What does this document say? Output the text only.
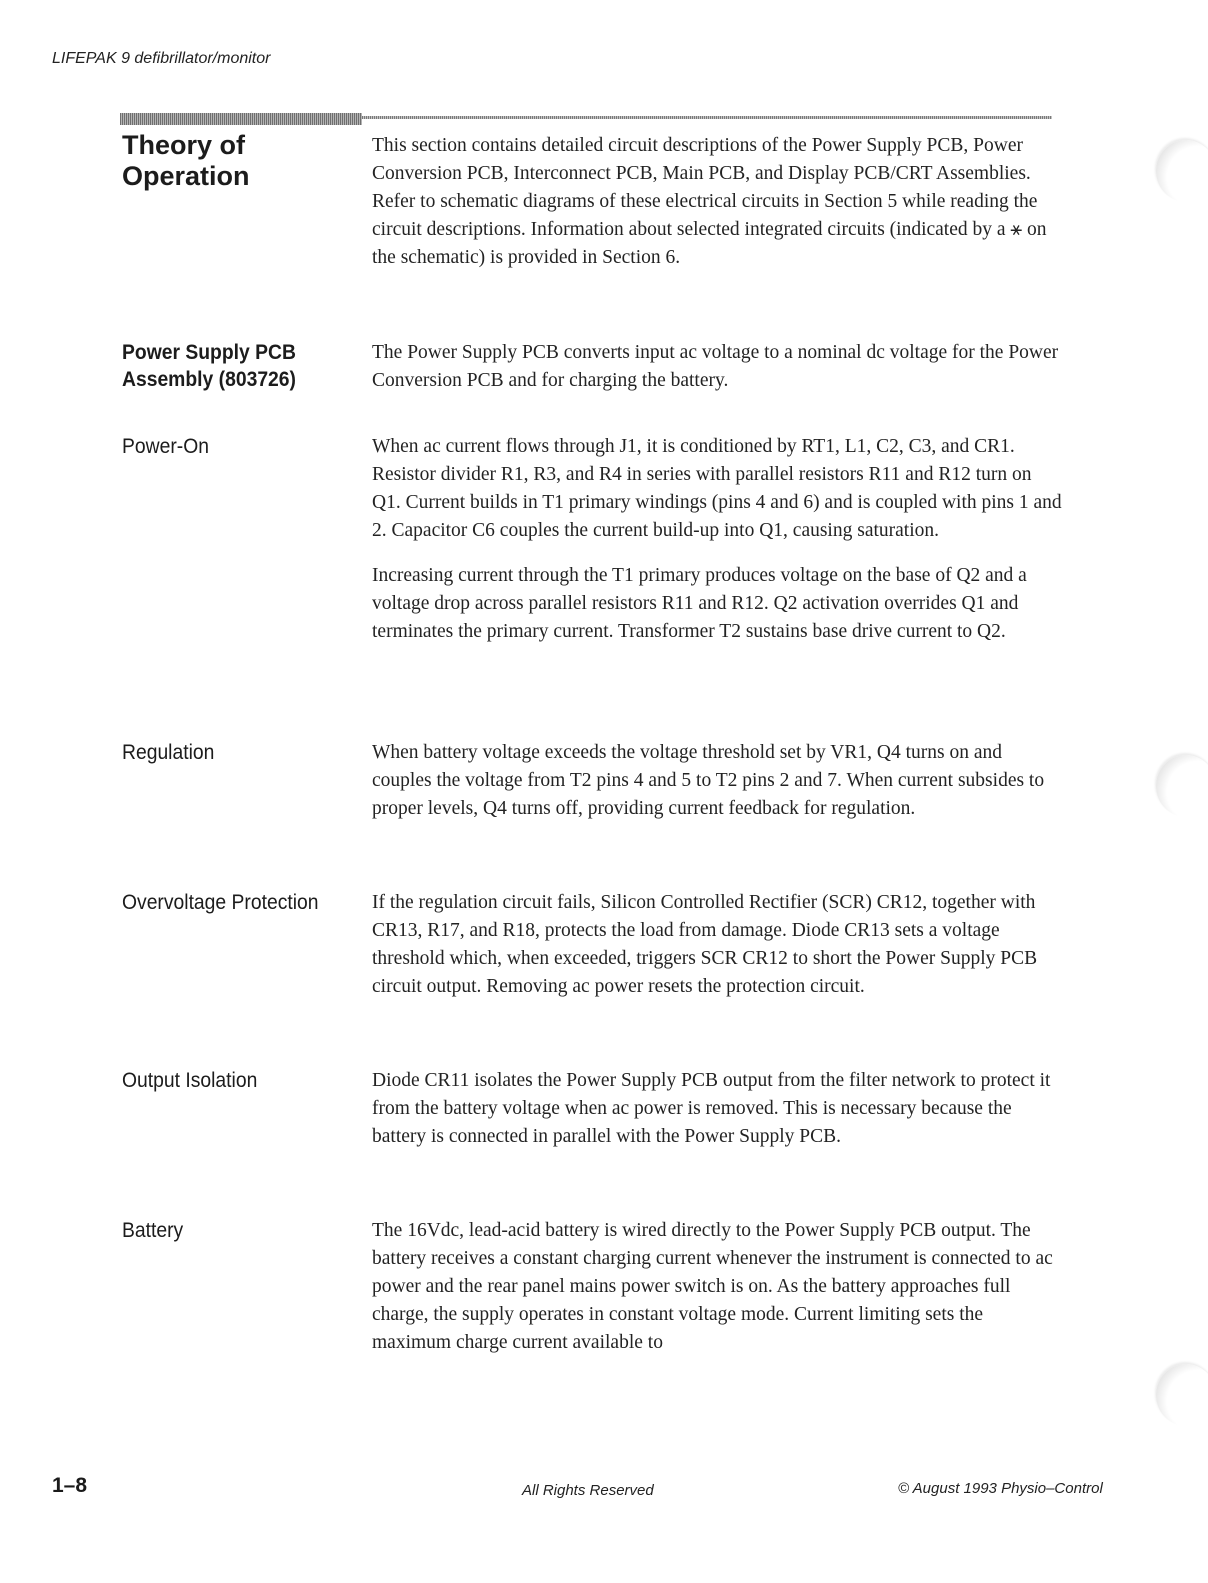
LIFEPAK 9 defibrillator/monitor
Theory of Operation

This section contains detailed circuit descriptions of the Power Supply PCB, Power Conversion PCB, Interconnect PCB, Main PCB, and Display PCB/CRT Assemblies. Refer to schematic diagrams of these electrical circuits in Section 5 while reading the circuit descriptions. Information about selected integrated circuits (indicated by a ⚹ on the schematic) is provided in Section 6.

Power Supply PCB Assembly (803726)

The Power Supply PCB converts input ac voltage to a nominal dc voltage for the Power Conversion PCB and for charging the battery.

Power-On	When ac current flows through J1, it is conditioned by RT1, L1, C2, C3, and CR1. Resistor divider R1, R3, and R4 in series with parallel resistors R11 and R12 turn on Q1. Current builds in T1 primary windings (pins 4 and 6) and is coupled with pins 1 and 2. Capacitor C6 couples the current build-up into Q1, causing saturation.

Increasing current through the T1 primary produces voltage on the base of Q2 and a voltage drop across parallel resistors R11 and R12. Q2 activation overrides Q1 and terminates the primary current. Transformer T2 sustains base drive current to Q2.

Regulation	When battery voltage exceeds the voltage threshold set by VR1, Q4 turns on and couples the voltage from T2 pins 4 and 5 to T2 pins 2 and 7. When current subsides to proper levels, Q4 turns off, providing current feedback for regulation.

Overvoltage Protection	If the regulation circuit fails, Silicon Controlled Rectifier (SCR) CR12, together with CR13, R17, and R18, protects the load from damage. Diode CR13 sets a voltage threshold which, when exceeded, triggers SCR CR12 to short the Power Supply PCB circuit output. Removing ac power resets the protection circuit.

Output Isolation	Diode CR11 isolates the Power Supply PCB output from the filter network to protect it from the battery voltage when ac power is removed. This is necessary because the battery is connected in parallel with the Power Supply PCB.

Battery	The 16Vdc, lead-acid battery is wired directly to the Power Supply PCB output. The battery receives a constant charging current whenever the instrument is connected to ac power and the rear panel mains power switch is on. As the battery approaches full charge, the supply operates in constant voltage mode. Current limiting sets the maximum charge current available to

1–8	All Rights Reserved	© August 1993 Physio–Control
